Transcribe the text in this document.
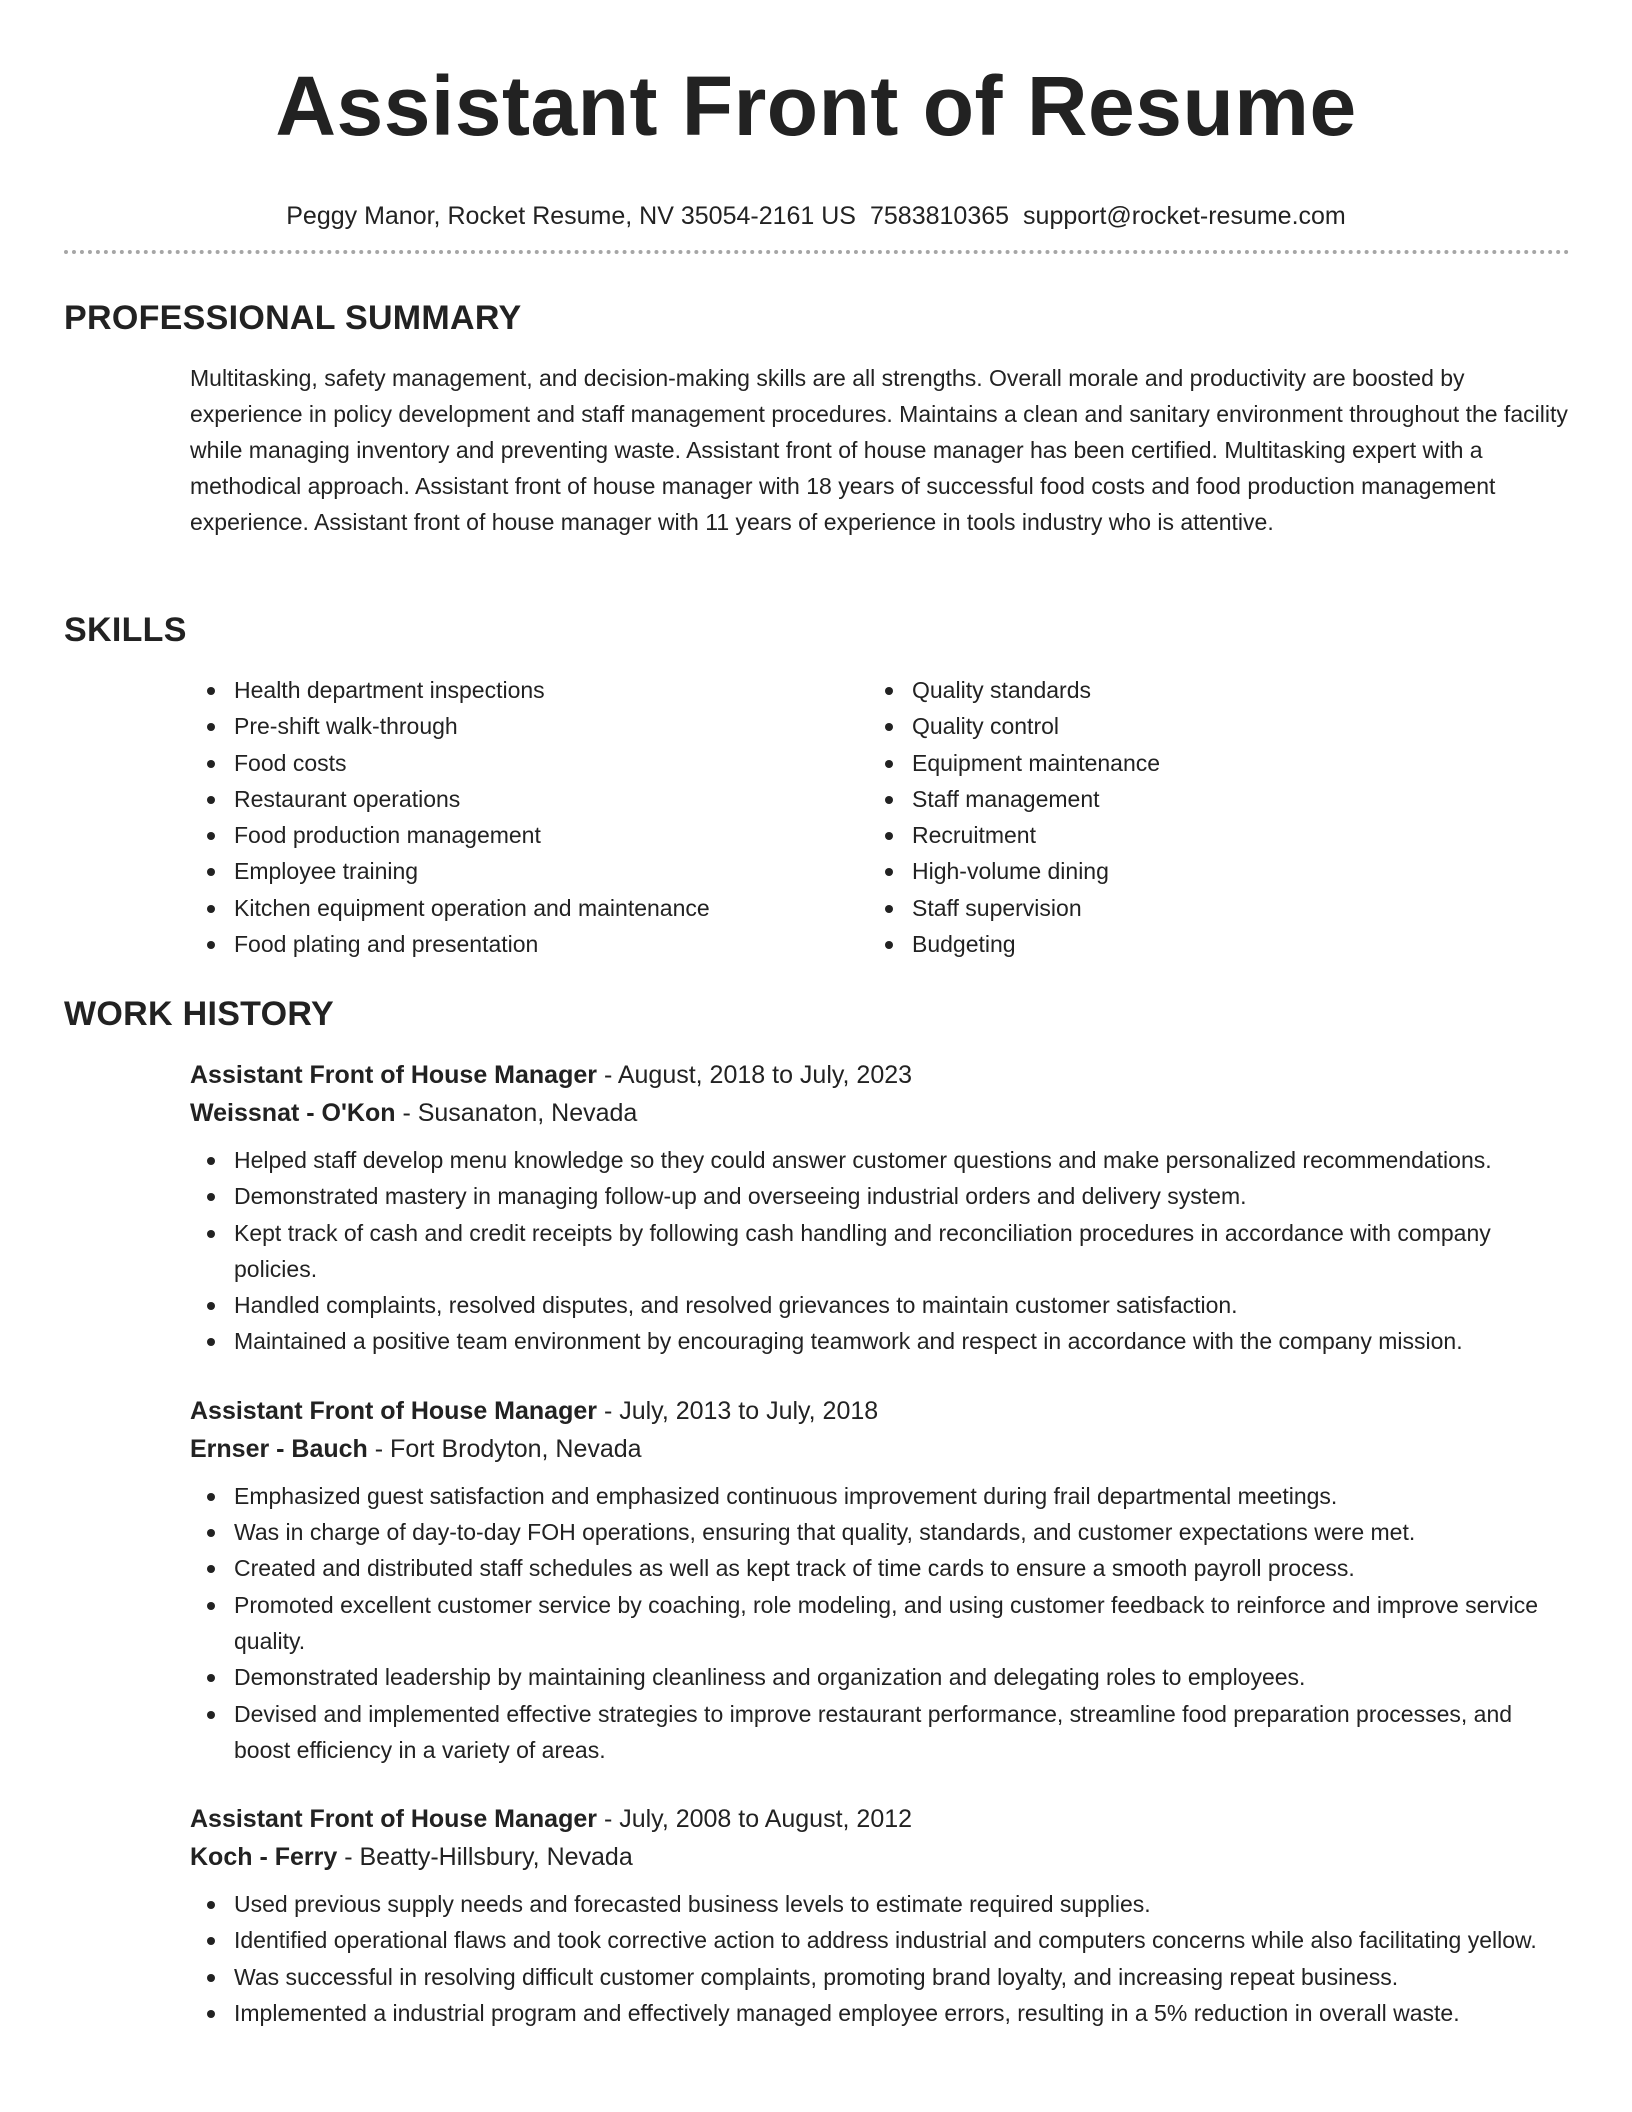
Assistant Front of Resume
Peggy Manor, Rocket Resume, NV 35054-2161 US 7583810365 support@rocket-resume.com
PROFESSIONAL SUMMARY
Multitasking, safety management, and decision-making skills are all strengths. Overall morale and productivity are boosted by experience in policy development and staff management procedures. Maintains a clean and sanitary environment throughout the facility while managing inventory and preventing waste. Assistant front of house manager has been certified. Multitasking expert with a methodical approach. Assistant front of house manager with 18 years of successful food costs and food production management experience. Assistant front of house manager with 11 years of experience in tools industry who is attentive.
SKILLS
Health department inspections
Pre-shift walk-through
Food costs
Restaurant operations
Food production management
Employee training
Kitchen equipment operation and maintenance
Food plating and presentation
Quality standards
Quality control
Equipment maintenance
Staff management
Recruitment
High-volume dining
Staff supervision
Budgeting
WORK HISTORY
Assistant Front of House Manager - August, 2018 to July, 2023
Weissnat - O'Kon - Susanaton, Nevada
Helped staff develop menu knowledge so they could answer customer questions and make personalized recommendations.
Demonstrated mastery in managing follow-up and overseeing industrial orders and delivery system.
Kept track of cash and credit receipts by following cash handling and reconciliation procedures in accordance with company policies.
Handled complaints, resolved disputes, and resolved grievances to maintain customer satisfaction.
Maintained a positive team environment by encouraging teamwork and respect in accordance with the company mission.
Assistant Front of House Manager - July, 2013 to July, 2018
Ernser - Bauch - Fort Brodyton, Nevada
Emphasized guest satisfaction and emphasized continuous improvement during frail departmental meetings.
Was in charge of day-to-day FOH operations, ensuring that quality, standards, and customer expectations were met.
Created and distributed staff schedules as well as kept track of time cards to ensure a smooth payroll process.
Promoted excellent customer service by coaching, role modeling, and using customer feedback to reinforce and improve service quality.
Demonstrated leadership by maintaining cleanliness and organization and delegating roles to employees.
Devised and implemented effective strategies to improve restaurant performance, streamline food preparation processes, and boost efficiency in a variety of areas.
Assistant Front of House Manager - July, 2008 to August, 2012
Koch - Ferry - Beatty-Hillsbury, Nevada
Used previous supply needs and forecasted business levels to estimate required supplies.
Identified operational flaws and took corrective action to address industrial and computers concerns while also facilitating yellow.
Was successful in resolving difficult customer complaints, promoting brand loyalty, and increasing repeat business.
Implemented a industrial program and effectively managed employee errors, resulting in a 5% reduction in overall waste.
